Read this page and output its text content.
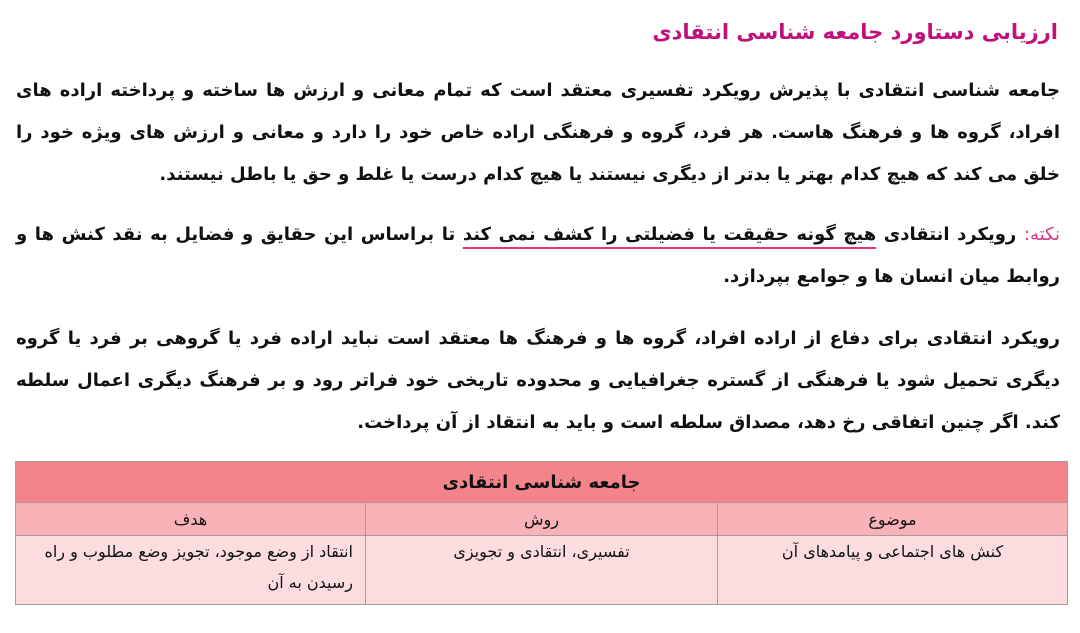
ارزیابی دستاورد جامعه شناسی انتقادی
جامعه شناسی انتقادی با پذیرش رویکرد تفسیری معتقد است که تمام معانی و ارزش ها ساخته و پرداخته اراده های افراد، گروه ها و فرهنگ هاست. هر فرد، گروه و فرهنگی اراده خاص خود را دارد و معانی و ارزش های ویژه خود را خلق می کند که هیچ کدام بهتر یا بدتر از دیگری نیستند یا هیچ کدام درست یا غلط و حق یا باطل نیستند.
نکته: رویکرد انتقادی هیچ گونه حقیقت یا فضیلتی را کشف نمی کند تا براساس این حقایق و فضایل به نقد کنش ها و روابط میان انسان ها و جوامع بپردازد.
رویکرد انتقادی برای دفاع از اراده افراد، گروه ها و فرهنگ ها معتقد است نباید اراده فرد یا گروهی بر فرد یا گروه دیگری تحمیل شود یا فرهنگی از گستره جغرافیایی و محدوده تاریخی خود فراتر رود و بر فرهنگ دیگری اعمال سلطه کند. اگر چنین اتفاقی رخ دهد، مصداق سلطه است و باید به انتقاد از آن پرداخت.
جامعه شناسی انتقادی		
موضوع	روش	هدف
کنش های اجتماعی و پیامدهای آن	تفسیری، انتقادی و تجویزی	انتقاد از وضع موجود، تجویز وضع مطلوب و راه رسیدن به آن
